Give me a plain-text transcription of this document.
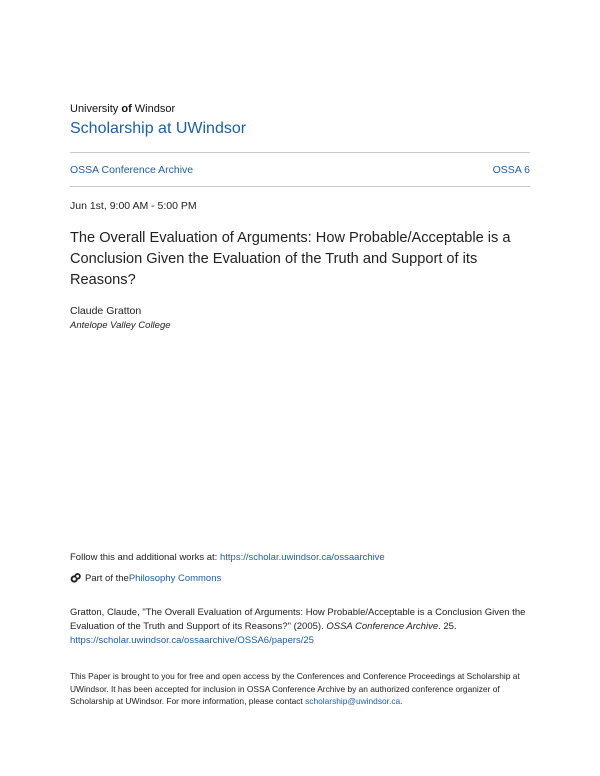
University of Windsor
Scholarship at UWindsor
OSSA Conference Archive	OSSA 6
Jun 1st, 9:00 AM - 5:00 PM
The Overall Evaluation of Arguments: How Probable/Acceptable is a Conclusion Given the Evaluation of the Truth and Support of its Reasons?
Claude Gratton
Antelope Valley College
Follow this and additional works at: https://scholar.uwindsor.ca/ossaarchive
Part of the Philosophy Commons
Gratton, Claude, "The Overall Evaluation of Arguments: How Probable/Acceptable is a Conclusion Given the Evaluation of the Truth and Support of its Reasons?" (2005). OSSA Conference Archive. 25.
https://scholar.uwindsor.ca/ossaarchive/OSSA6/papers/25
This Paper is brought to you for free and open access by the Conferences and Conference Proceedings at Scholarship at UWindsor. It has been accepted for inclusion in OSSA Conference Archive by an authorized conference organizer of Scholarship at UWindsor. For more information, please contact scholarship@uwindsor.ca.
